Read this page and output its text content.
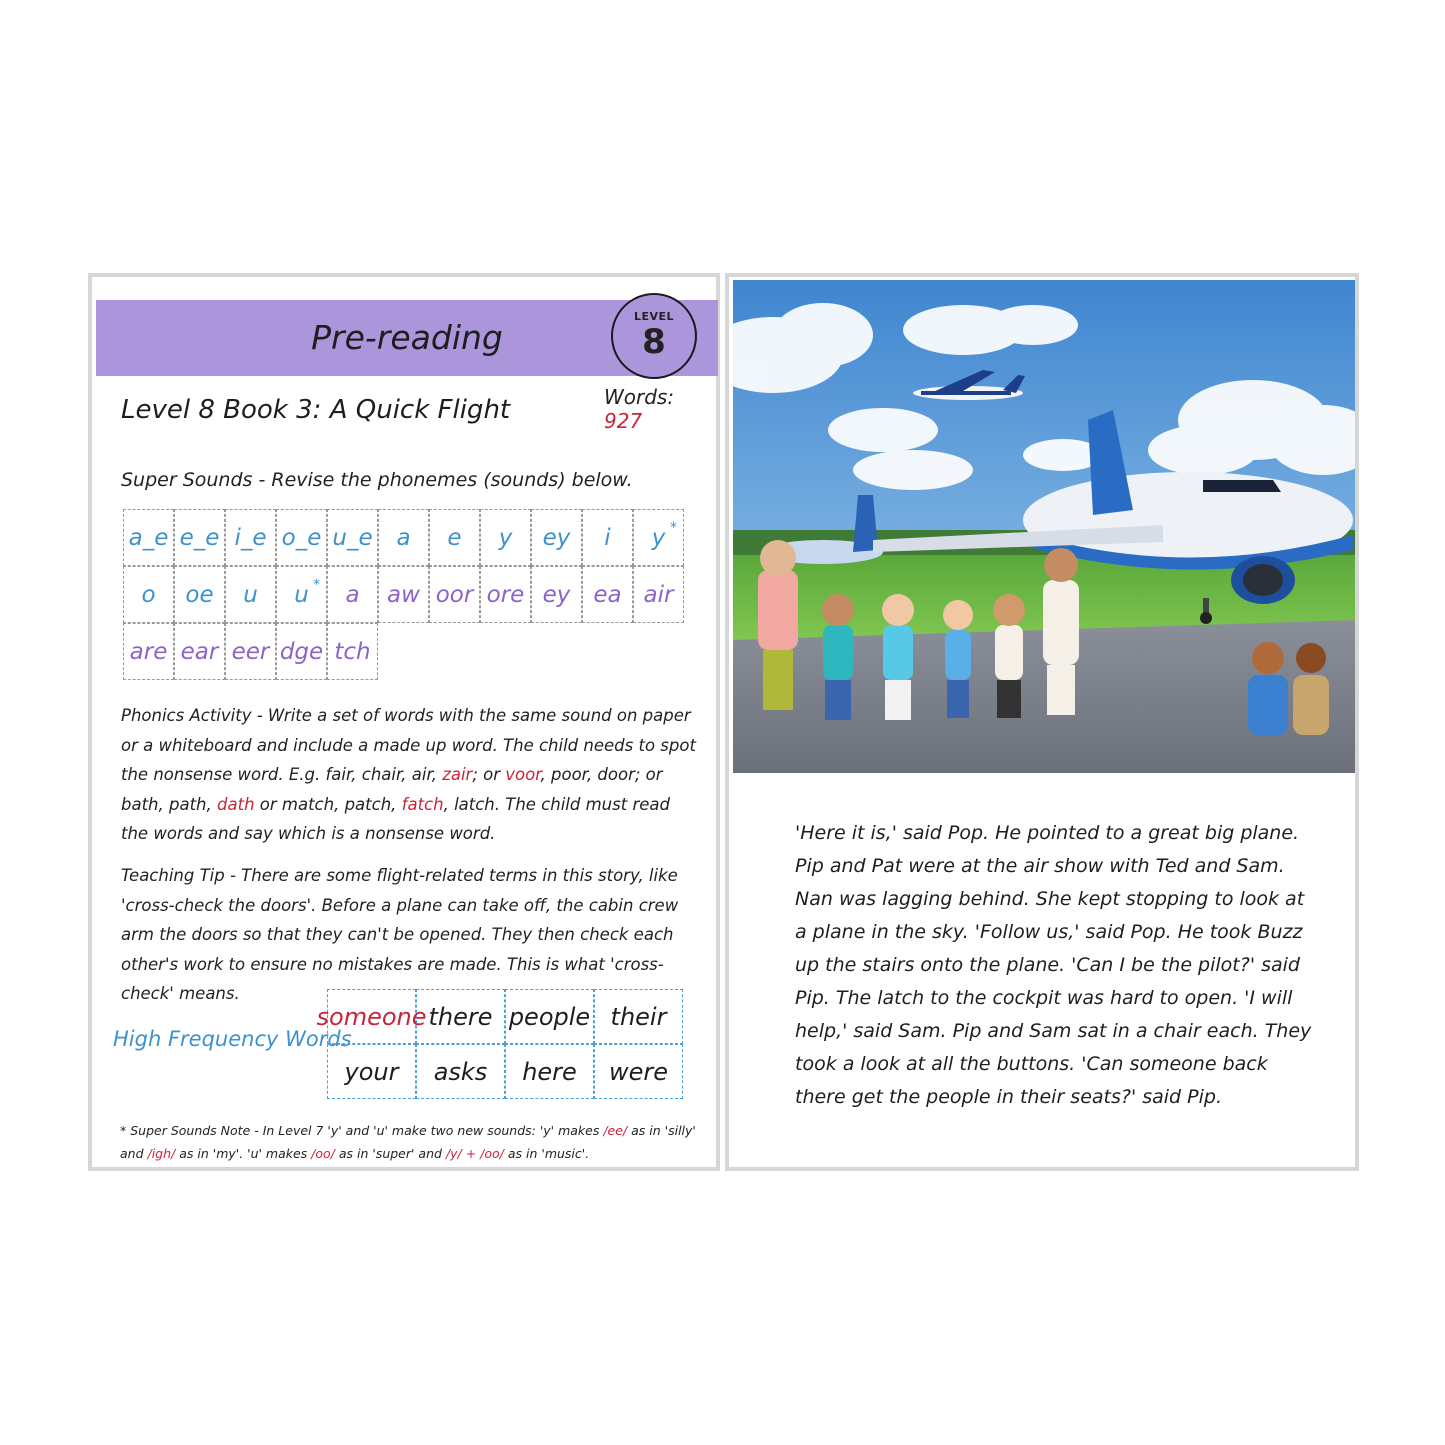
Pre-reading
LEVEL
8
Words: 927
Level 8 Book 3: A Quick Flight
Super Sounds - Revise the phonemes (sounds) below.
a_e e_e i_e o_e u_e a e y ey i y *
o oe u u * a aw oor ore ey ea air
are ear eer dge tch
Phonics Activity - Write a set of words with the same sound on paper or a whiteboard and include a made up word. The child needs to spot the nonsense word. E.g. fair, chair, air, zair; or voor, poor, door; or bath, path, dath or match, patch, fatch, latch. The child must read the words and say which is a nonsense word.
Teaching Tip - There are some flight-related terms in this story, like 'cross-check the doors'. Before a plane can take off, the cabin crew arm the doors so that they can't be opened. They then check each other's work to ensure no mistakes are made. This is what 'cross-check' means.
High Frequency Words
someone there people their
your	asks	here	were
* Super Sounds Note - In Level 7 'y' and 'u' make two new sounds: 'y' makes /ee/ as in 'silly' and /igh/ as in 'my'. 'u' makes /oo/ as in 'super' and /y/ + /oo/ as in 'music'.
'Here it is,' said Pop. He pointed to a great big plane. Pip and Pat were at the air show with Ted and Sam. Nan was lagging behind. She kept stopping to look at a plane in the sky. 'Follow us,' said Pop. He took Buzz up the stairs onto the plane. 'Can I be the pilot?' said Pip. The latch to the cockpit was hard to open. 'I will help,' said Sam. Pip and Sam sat in a chair each. They took a look at all the buttons. 'Can someone back there get the people in their seats?' said Pip.
